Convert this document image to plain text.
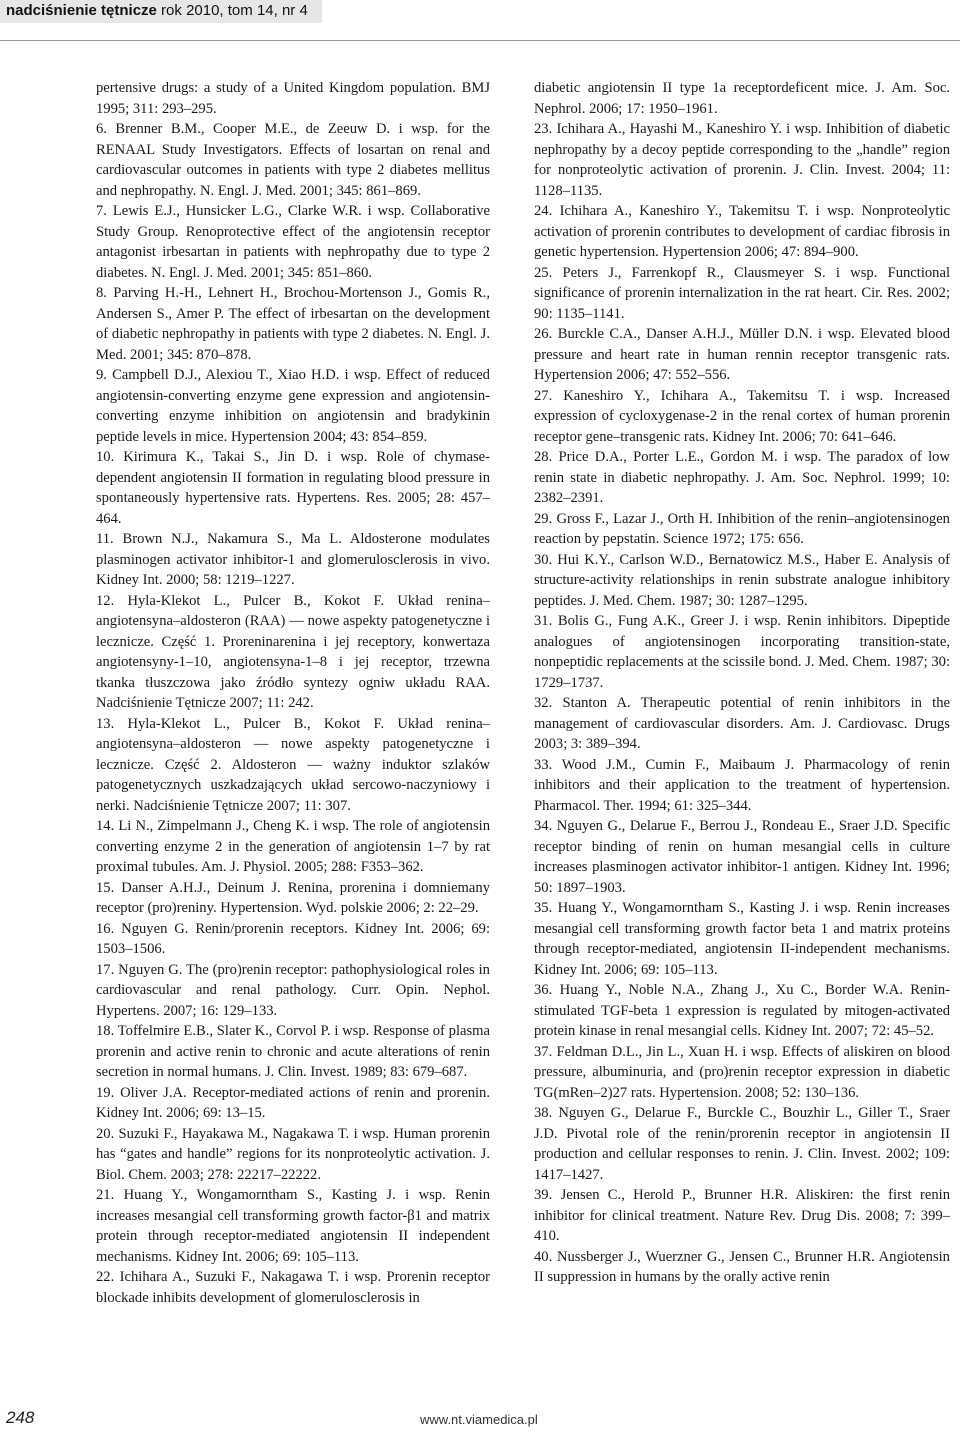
nadciśnienie tętnicze rok 2010, tom 14, nr 4

pertensive drugs: a study of a United Kingdom population. BMJ 1995; 311: 293–295.

6. Brenner B.M., Cooper M.E., de Zeeuw D. i wsp. for the RENAAL Study Investigators. Effects of losartan on renal and cardiovascular outcomes in patients with type 2 diabetes mellitus and nephropathy. N. Engl. J. Med. 2001; 345: 861–869.

7. Lewis E.J., Hunsicker L.G., Clarke W.R. i wsp. Collaborative Study Group. Renoprotective effect of the angiotensin receptor antagonist irbesartan in patients with nephropathy due to type 2 diabetes. N. Engl. J. Med. 2001; 345: 851–860.

8. Parving H.-H., Lehnert H., Brochou-Mortenson J., Gomis R., Andersen S., Amer P. The effect of irbesartan on the development of diabetic nephropathy in patients with type 2 diabetes. N. Engl. J. Med. 2001; 345: 870–878.

9. Campbell D.J., Alexiou T., Xiao H.D. i wsp. Effect of reduced angiotensin-converting enzyme gene expression and angiotensin-converting enzyme inhibition on angiotensin and bradykinin peptide levels in mice. Hypertension 2004; 43: 854–859.

10. Kirimura K., Takai S., Jin D. i wsp. Role of chymase-dependent angiotensin II formation in regulating blood pressure in spontaneously hypertensive rats. Hypertens. Res. 2005; 28: 457–464.

11. Brown N.J., Nakamura S., Ma L. Aldosterone modulates plasminogen activator inhibitor-1 and glomerulosclerosis in vivo. Kidney Int. 2000; 58: 1219–1227.

12. Hyla-Klekot L., Pulcer B., Kokot F. Układ renina–angiotensyna–aldosteron (RAA) — nowe aspekty patogenetyczne i lecznicze. Część 1. Proreninarenina i jej receptory, konwertaza angiotensyny-1–10, angiotensyna-1–8 i jej receptor, trzewna tkanka tłuszczowa jako źródło syntezy ogniw układu RAA. Nadciśnienie Tętnicze 2007; 11: 242.

13. Hyla-Klekot L., Pulcer B., Kokot F. Układ renina–angiotensyna–aldosteron — nowe aspekty patogenetyczne i lecznicze. Część 2. Aldosteron — ważny induktor szlaków patogenetycznych uszkadzających układ sercowo-naczyniowy i nerki. Nadciśnienie Tętnicze 2007; 11: 307.

14. Li N., Zimpelmann J., Cheng K. i wsp. The role of angiotensin converting enzyme 2 in the generation of angiotensin 1–7 by rat proximal tubules. Am. J. Physiol. 2005; 288: F353–362.

15. Danser A.H.J., Deinum J. Renina, prorenina i domniemany receptor (pro)reniny. Hypertension. Wyd. polskie 2006; 2: 22–29.

16. Nguyen G. Renin/prorenin receptors. Kidney Int. 2006; 69: 1503–1506.

17. Nguyen G. The (pro)renin receptor: pathophysiological roles in cardiovascular and renal pathology. Curr. Opin. Nephol. Hypertens. 2007; 16: 129–133.

18. Toffelmire E.B., Slater K., Corvol P. i wsp. Response of plasma prorenin and active renin to chronic and acute alterations of renin secretion in normal humans. J. Clin. Invest. 1989; 83: 679–687.

19. Oliver J.A. Receptor-mediated actions of renin and prorenin. Kidney Int. 2006; 69: 13–15.

20. Suzuki F., Hayakawa M., Nagakawa T. i wsp. Human prorenin has “gates and handle” regions for its nonproteolytic activation. J. Biol. Chem. 2003; 278: 22217–22222.

21. Huang Y., Wongamorntham S., Kasting J. i wsp. Renin increases mesangial cell transforming growth factor-β1 and matrix protein through receptor-mediated angiotensin II independent mechanisms. Kidney Int. 2006; 69: 105–113.

22. Ichihara A., Suzuki F., Nakagawa T. i wsp. Prorenin receptor blockade inhibits development of glomerulosclerosis in

diabetic angiotensin II type 1a receptordeficent mice. J. Am. Soc. Nephrol. 2006; 17: 1950–1961.

23. Ichihara A., Hayashi M., Kaneshiro Y. i wsp. Inhibition of diabetic nephropathy by a decoy peptide corresponding to the „handle” region for nonproteolytic activation of prorenin. J. Clin. Invest. 2004; 11: 1128–1135.

24. Ichihara A., Kaneshiro Y., Takemitsu T. i wsp. Nonproteolytic activation of prorenin contributes to development of cardiac fibrosis in genetic hypertension. Hypertension 2006; 47: 894–900.

25. Peters J., Farrenkopf R., Clausmeyer S. i wsp. Functional significance of prorenin internalization in the rat heart. Cir. Res. 2002; 90: 1135–1141.

26. Burckle C.A., Danser A.H.J., Müller D.N. i wsp. Elevated blood pressure and heart rate in human rennin receptor transgenic rats. Hypertension 2006; 47: 552–556.

27. Kaneshiro Y., Ichihara A., Takemitsu T. i wsp. Increased expression of cycloxygenase-2 in the renal cortex of human prorenin receptor gene–transgenic rats. Kidney Int. 2006; 70: 641–646.

28. Price D.A., Porter L.E., Gordon M. i wsp. The paradox of low renin state in diabetic nephropathy. J. Am. Soc. Nephrol. 1999; 10: 2382–2391.

29. Gross F., Lazar J., Orth H. Inhibition of the renin–angiotensinogen reaction by pepstatin. Science 1972; 175: 656.

30. Hui K.Y., Carlson W.D., Bernatowicz M.S., Haber E. Analysis of structure-activity relationships in renin substrate analogue inhibitory peptides. J. Med. Chem. 1987; 30: 1287–1295.

31. Bolis G., Fung A.K., Greer J. i wsp. Renin inhibitors. Dipeptide analogues of angiotensinogen incorporating transition-state, nonpeptidic replacements at the scissile bond. J. Med. Chem. 1987; 30: 1729–1737.

32. Stanton A. Therapeutic potential of renin inhibitors in the management of cardiovascular disorders. Am. J. Cardiovasc. Drugs 2003; 3: 389–394.

33. Wood J.M., Cumin F., Maibaum J. Pharmacology of renin inhibitors and their application to the treatment of hypertension. Pharmacol. Ther. 1994; 61: 325–344.

34. Nguyen G., Delarue F., Berrou J., Rondeau E., Sraer J.D. Specific receptor binding of renin on human mesangial cells in culture increases plasminogen activator inhibitor-1 antigen. Kidney Int. 1996; 50: 1897–1903.

35. Huang Y., Wongamorntham S., Kasting J. i wsp. Renin increases mesangial cell transforming growth factor beta 1 and matrix proteins through receptor-mediated, angiotensin II-independent mechanisms. Kidney Int. 2006; 69: 105–113.

36. Huang Y., Noble N.A., Zhang J., Xu C., Border W.A. Renin-stimulated TGF-beta 1 expression is regulated by mitogen-activated protein kinase in renal mesangial cells. Kidney Int. 2007; 72: 45–52.

37. Feldman D.L., Jin L., Xuan H. i wsp. Effects of aliskiren on blood pressure, albuminuria, and (pro)renin receptor expression in diabetic TG(mRen–2)27 rats. Hypertension. 2008; 52: 130–136.

38. Nguyen G., Delarue F., Burckle C., Bouzhir L., Giller T., Sraer J.D. Pivotal role of the renin/prorenin receptor in angiotensin II production and cellular responses to renin. J. Clin. Invest. 2002; 109: 1417–1427.

39. Jensen C., Herold P., Brunner H.R. Aliskiren: the first renin inhibitor for clinical treatment. Nature Rev. Drug Dis. 2008; 7: 399–410.

40. Nussberger J., Wuerzner G., Jensen C., Brunner H.R. Angiotensin II suppression in humans by the orally active renin

248	www.nt.viamedica.pl
